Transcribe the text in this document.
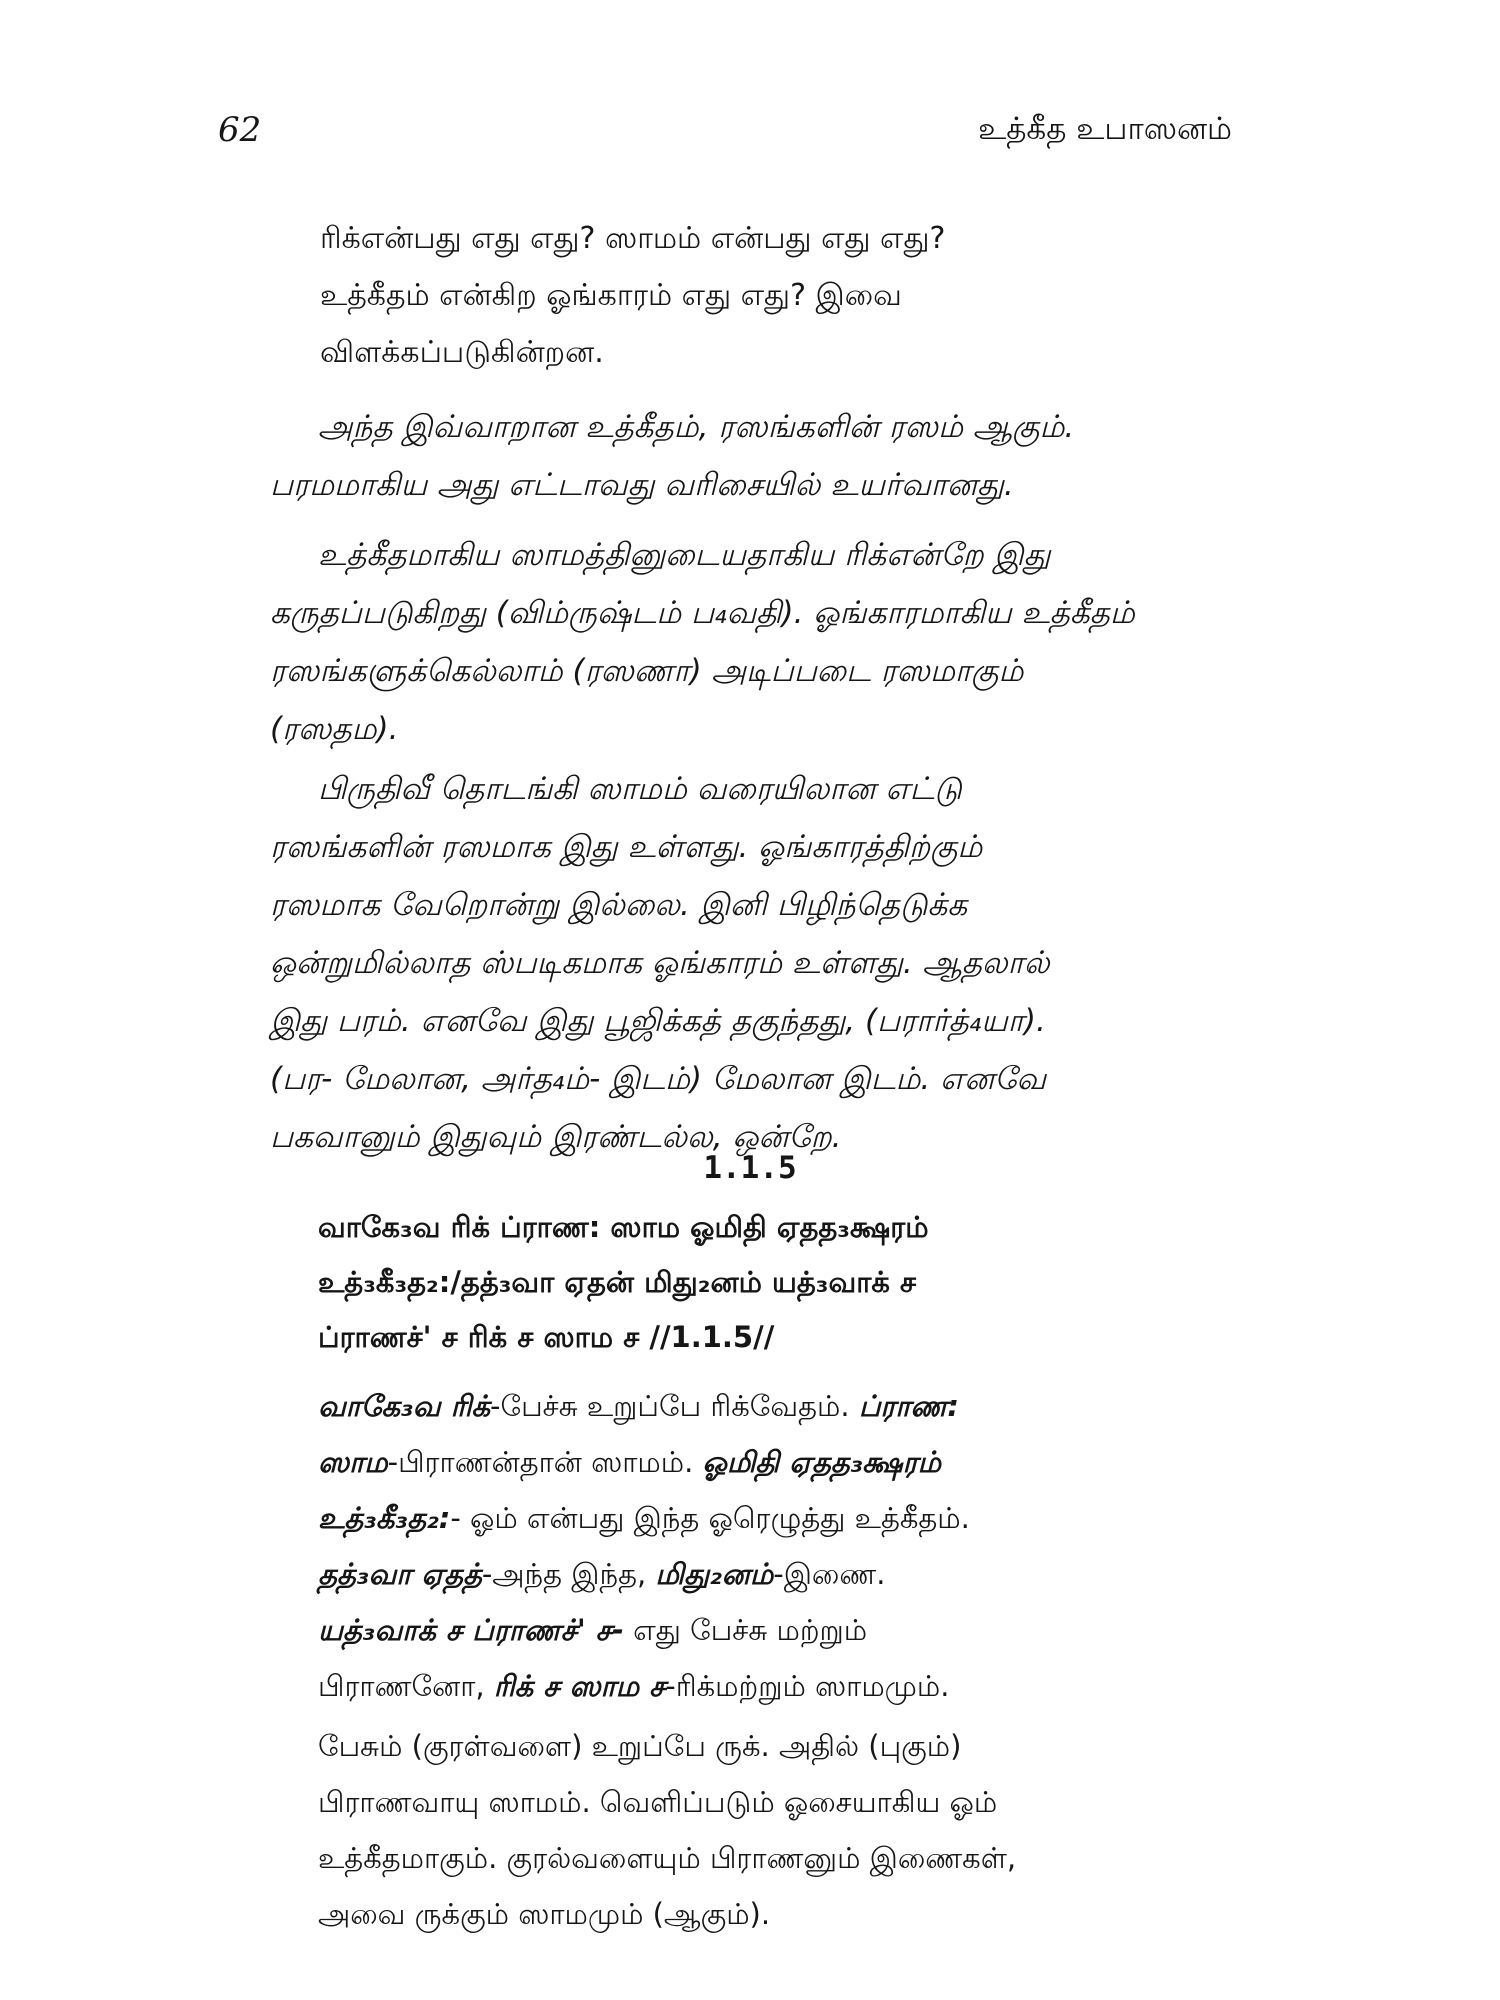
62	உத்கீத உபாஸனம்
ரிக்என்பது எது எது? ஸாமம் என்பது எது எது?
உத்கீதம் என்கிற ஓங்காரம் எது எது? இவை
விளக்கப்படுகின்றன.
அந்த இவ்வாறான உத்கீதம், ரஸங்களின் ரஸம் ஆகும்.
பரமமாகிய அது எட்டாவது வரிசையில் உயர்வானது.
உத்கீதமாகிய ஸாமத்தினுடையதாகிய ரிக்என்றே இது
கருதப்படுகிறது (விம்ருஷ்டம் ப₄வதி). ஓங்காரமாகிய உத்கீதம்
ரஸங்களுக்கெல்லாம் (ரஸணா) அடிப்படை ரஸமாகும்
(ரஸதம).
பிருதிவீ தொடங்கி ஸாமம் வரையிலான எட்டு
ரஸங்களின் ரஸமாக இது உள்ளது. ஓங்காரத்திற்கும்
ரஸமாக வேறொன்று இல்லை. இனி பிழிந்தெடுக்க
ஒன்றுமில்லாத ஸ்படிகமாக ஓங்காரம் உள்ளது. ஆதலால்
இது பரம். எனவே இது பூஜிக்கத் தகுந்தது, (பரார்த்₄யா).
(பர- மேலான, அர்த₄ம்- இடம்) மேலான இடம். எனவே
பகவானும் இதுவும் இரண்டல்ல, ஒன்றே.
1.1.5
வாகே₃வ ரிக் ப்ராண: ஸாம ஓமிதி ஏதத₃க்ஷரம்
உத்₃கீ₃த₂:/தத்₃வா ஏதன் மிது₂னம் யத்₃வாக் ச
ப்ராணச்' ச ரிக் ச ஸாம ச //1.1.5//
வாகே₃வ ரிக்-பேச்சு உறுப்பே ரிக்வேதம். ப்ராண:
ஸாம-பிராணன்தான் ஸாமம். ஓமிதி ஏதத₃க்ஷரம்
உத்₃கீ₃த₂:- ஓம் என்பது இந்த ஓரெழுத்து உத்கீதம்.
தத்₃வா ஏதத்-அந்த இந்த, மிது₂னம்-இணை.
யத்₃வாக் ச ப்ராணச்' ச- எது பேச்சு மற்றும்
பிராணனோ, ரிக் ச ஸாம ச-ரிக்மற்றும் ஸாமமும்.
பேசும் (குரள்வளை) உறுப்பே ருக். அதில் (புகும்)
பிராணவாயு ஸாமம். வெளிப்படும் ஓசையாகிய ஓம்
உத்கீதமாகும். குரல்வளையும் பிராணனும் இணைகள்,
அவை ருக்கும் ஸாமமும் (ஆகும்).
